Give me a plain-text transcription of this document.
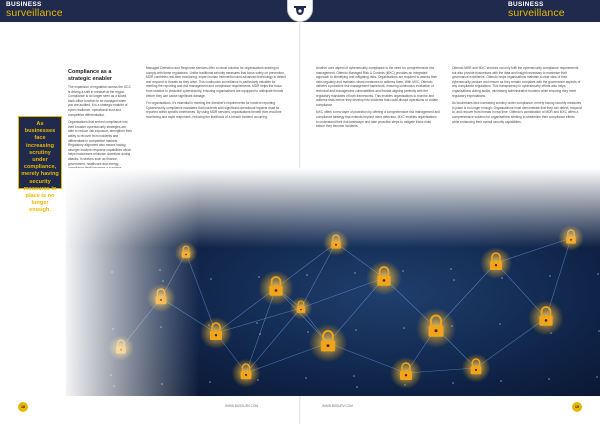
BUSINESS
surveillance
BUSINESS
surveillance
Compliance as a strategic enabler

The expansion of regulation across the GCC is driving a shift in mindset at the region. Compliance is no longer seen as a siloed, back-office function to be managed when you are audited. It is a strategic enabler of cyber resilience, operational trust and competitive differentiation.

Organisations that embed compliance into their broader cybersecurity strategies are able to reduce risk exposure, strengthen their ability to recover from incidents and differentiate in competitive markets. Regulatory alignment also means having stronger incident response capabilities which helps businesses minimise downtime during attacks. In sectors such as finance, government, healthcare and energy,

Managed Detection and Response services offer a robust solution for organisations seeking to comply with these regulations. Unlike traditional security measures that focus solely on prevention, MDR combines real-time monitoring, expert human intervention and advanced technology to detect and respond to threats as they arise. This continuous surveillance is particularly valuable for meeting the reporting and risk management and compliance requirements. MDR helps the focus from reactive to proactive cybersecurity, ensuring organisations are equipped to anticipate threats before they can cause significant damage.

For organisations, it's essential in meeting the directive's requirements for incident reporting. Cybersecurity compliance mandates that incidents with significant operational impacts must be reported within specific timeframes. By using MDR services, organisations benefit from real-time monitoring and rapid responses, reducing the likelihood of a breach incident occurring.

Another core aspect of cybersecurity compliance is the need for comprehensive risk management. Ottendo Managed Risk & Controls (MXC) provides an integrated approach to identifying and mitigating risks. Organisations are required to assess their risks regularly and maintain robust measures to address them. With MXC, Ottendo delivers a proactive risk management framework, ensuring continuous evaluation of technical and management vulnerabilities and threats aligning perfectly with the regulatory mandates of both frameworks. This enables organisations to monitor and address risks before they develop into incidents that could disrupt operations or violate compliance.

MXC offers a new layer of protection by offering a comprehensive risk management and compliance strategy that extends beyond mere detection. MXC enables organisations to understand their risk landscape and take proactive steps to mitigate those risks before they become incidents.

Ottendo MDR and MXC services not only fulfil the cybersecurity compliance requirements but also provide businesses with the data and insight necessary to maximise their governance excellence. Ottendo helps organisations maintain a clear view of their cybersecurity posture and ensure as they remain compliant with the governance aspects of any compliance regulations. This transparency in cybersecurity efforts also helps organisations during audits, minimising administrative burdens while ensuring they meet regulatory expectations.

As businesses face increasing scrutiny under compliance, merely having security measures in place is no longer enough. Organisations must demonstrate that they can detect, respond to, and recover from threats in real time. Ottendo's combination of MDR and MXC offers a comprehensive solution for organisations seeking to streamline their compliance efforts while enhancing their overall security capabilities.

As businesses face increasing scrutiny under compliance, merely having security measures in place is no longer enough.
18	19
WWW.BUSSURV.COM	WWW.BSSURV.COM
